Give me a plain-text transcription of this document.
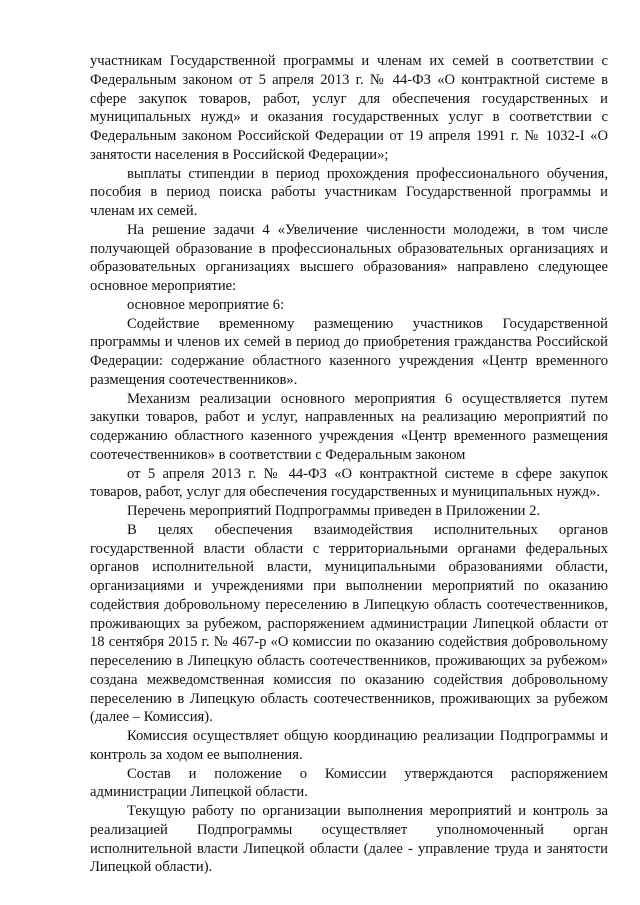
участникам Государственной программы и членам их семей в соответствии с Федеральным законом от 5 апреля 2013 г. № 44-ФЗ «О контрактной системе в сфере закупок товаров, работ, услуг для обеспечения государственных и муниципальных нужд» и оказания государственных услуг в соответствии с Федеральным законом Российской Федерации от 19 апреля 1991 г. № 1032-I «О занятости населения в Российской Федерации»;

выплаты стипендии в период прохождения профессионального обучения, пособия в период поиска работы участникам Государственной программы и членам их семей.

На решение задачи 4 «Увеличение численности молодежи, в том числе получающей образование в профессиональных образовательных организациях и образовательных организациях высшего образования» направлено следующее основное мероприятие:

основное мероприятие 6:

Содействие временному размещению участников Государственной программы и членов их семей в период до приобретения гражданства Российской Федерации: содержание областного казенного учреждения «Центр временного размещения соотечественников».

Механизм реализации основного мероприятия 6 осуществляется путем закупки товаров, работ и услуг, направленных на реализацию мероприятий по содержанию областного казенного учреждения «Центр временного размещения соотечественников» в соответствии с Федеральным законом

от 5 апреля 2013 г. № 44-ФЗ «О контрактной системе в сфере закупок товаров, работ, услуг для обеспечения государственных и муниципальных нужд».

Перечень мероприятий Подпрограммы приведен в Приложении 2.

В целях обеспечения взаимодействия исполнительных органов государственной власти области с территориальными органами федеральных органов исполнительной власти, муниципальными образованиями области, организациями и учреждениями при выполнении мероприятий по оказанию содействия добровольному переселению в Липецкую область соотечественников, проживающих за рубежом, распоряжением администрации Липецкой области от 18 сентября 2015 г. № 467-р «О комиссии по оказанию содействия добровольному переселению в Липецкую область соотечественников, проживающих за рубежом» создана межведомственная комиссия по оказанию содействия добровольному переселению в Липецкую область соотечественников, проживающих за рубежом (далее – Комиссия).

Комиссия осуществляет общую координацию реализации Подпрограммы и контроль за ходом ее выполнения.

Состав и положение о Комиссии утверждаются распоряжением администрации Липецкой области.

Текущую работу по организации выполнения мероприятий и контроль за реализацией Подпрограммы осуществляет уполномоченный орган исполнительной власти Липецкой области (далее - управление труда и занятости Липецкой области).
